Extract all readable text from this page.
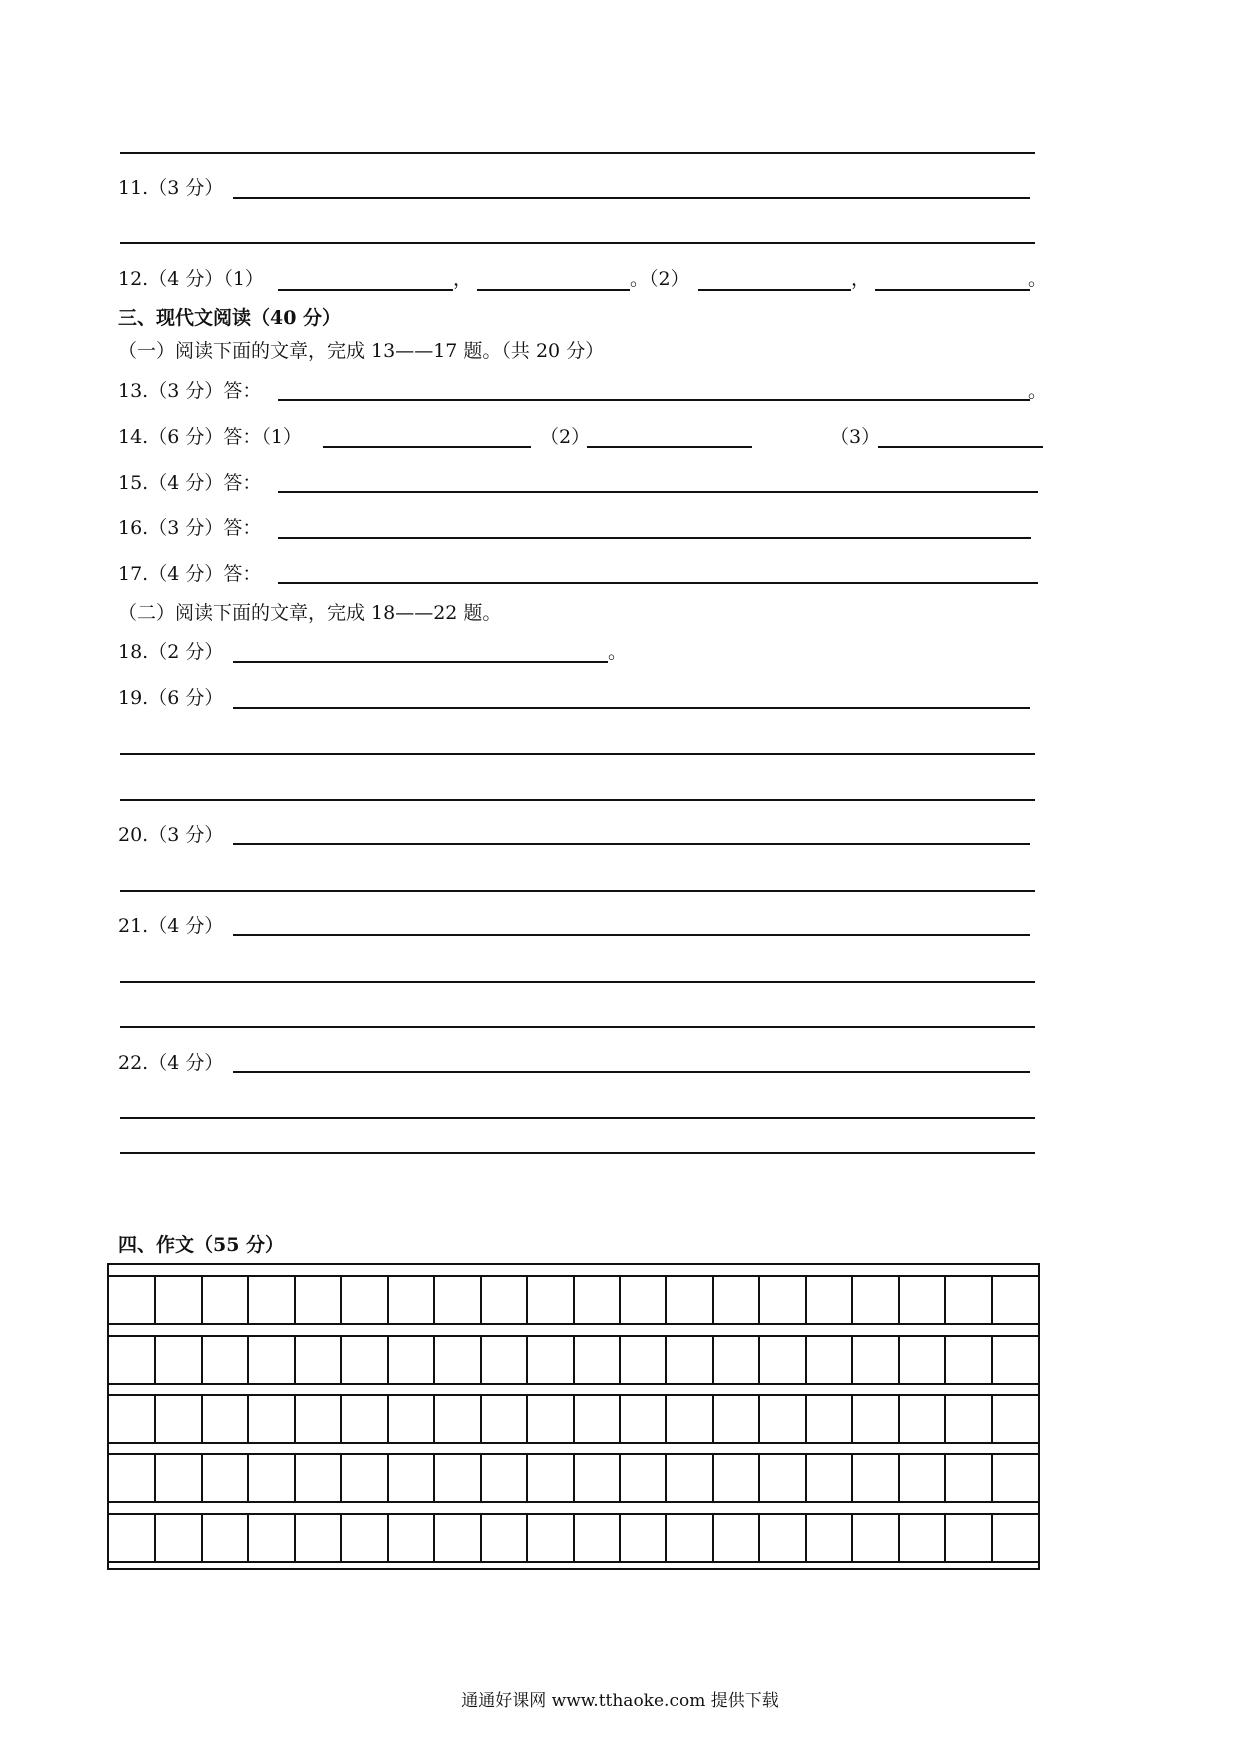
11.（3 分）
12.（4 分）（1）	，	。（2）	，	。
三、现代文阅读（40 分）
（一）阅读下面的文章，完成 13——17 题。（共 20 分）
13.（3 分）答：	。
14.（6 分）答：（1）	（2）	（3）
15.（4 分）答：
16.（3 分）答：
17.（4 分）答：
（二）阅读下面的文章，完成 18——22 题。
18.（2 分）	。
19.（6 分）
20.（3 分）
21.（4 分）
22.（4 分）
四、作文（55 分）
通通好课网 www.tthaoke.com 提供下载
